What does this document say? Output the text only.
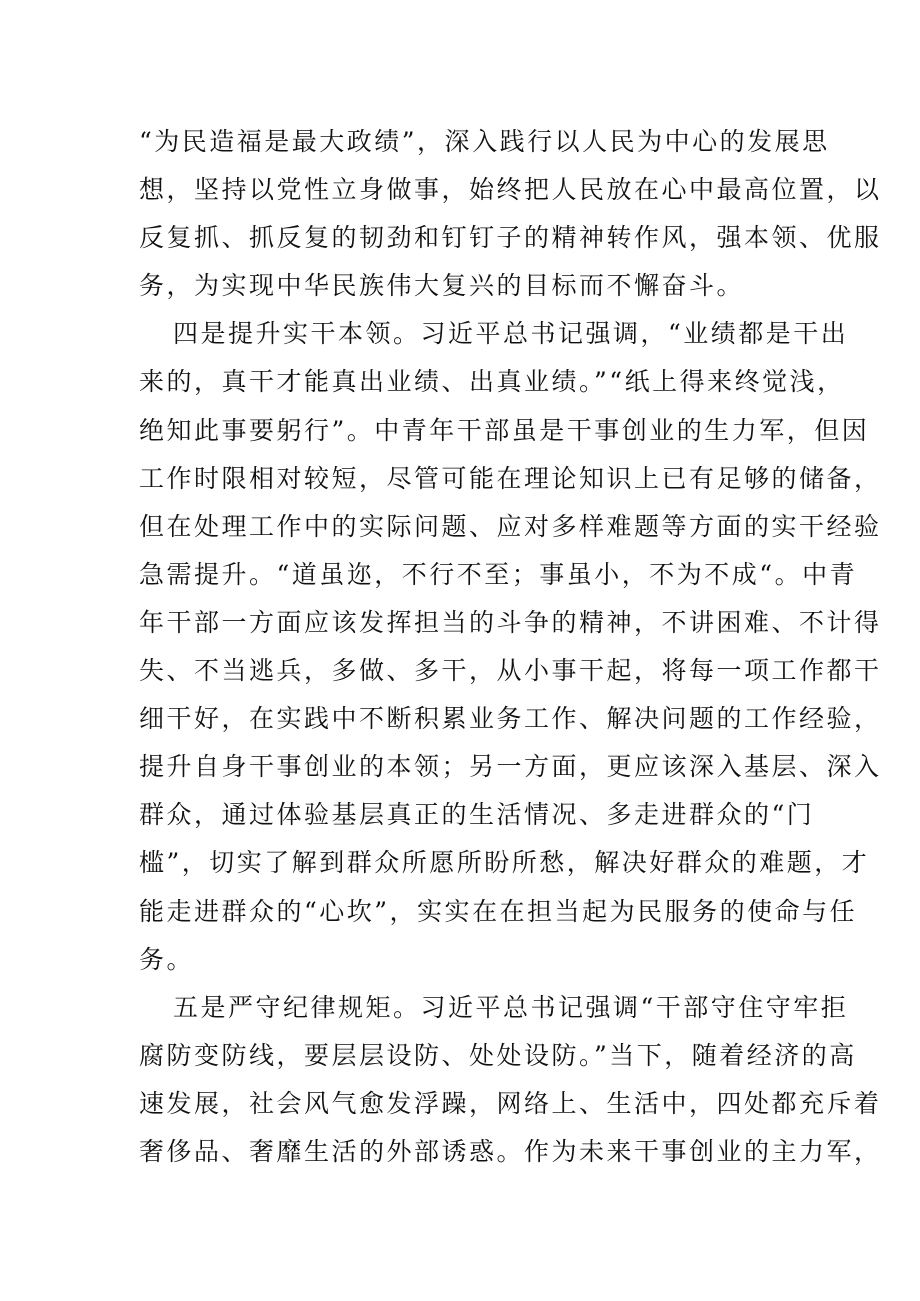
“为民造福是最大政绩”，深入践行以人民为中心的发展思
想，坚持以党性立身做事，始终把人民放在心中最高位置，以
反复抓、抓反复的韧劲和钉钉子的精神转作风，强本领、优服
务，为实现中华民族伟大复兴的目标而不懈奋斗。
四是提升实干本领。习近平总书记强调，“业绩都是干出
来的，真干才能真出业绩、出真业绩。”“纸上得来终觉浅，
绝知此事要躬行”。中青年干部虽是干事创业的生力军，但因
工作时限相对较短，尽管可能在理论知识上已有足够的储备，
但在处理工作中的实际问题、应对多样难题等方面的实干经验
急需提升。“道虽迩，不行不至；事虽小，不为不成“。中青
年干部一方面应该发挥担当的斗争的精神，不讲困难、不计得
失、不当逃兵，多做、多干，从小事干起，将每一项工作都干
细干好，在实践中不断积累业务工作、解决问题的工作经验，
提升自身干事创业的本领；另一方面，更应该深入基层、深入
群众，通过体验基层真正的生活情况、多走进群众的“门
槛”，切实了解到群众所愿所盼所愁，解决好群众的难题，才
能走进群众的“心坎”，实实在在担当起为民服务的使命与任
务。
五是严守纪律规矩。习近平总书记强调“干部守住守牢拒
腐防变防线，要层层设防、处处设防。”当下，随着经济的高
速发展，社会风气愈发浮躁，网络上、生活中，四处都充斥着
奢侈品、奢靡生活的外部诱惑。作为未来干事创业的主力军，
